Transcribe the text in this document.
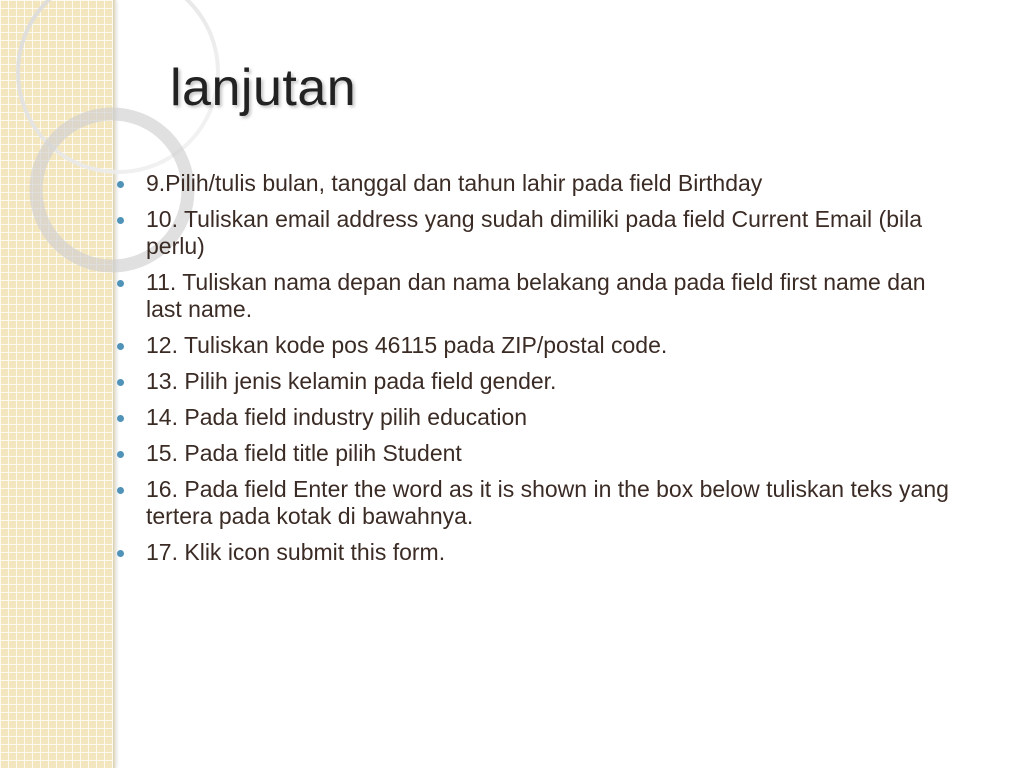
lanjutan
9.Pilih/tulis bulan, tanggal dan tahun lahir pada field Birthday
10. Tuliskan email address yang sudah dimiliki pada field Current Email (bila perlu)
11. Tuliskan nama depan dan nama belakang anda pada field first name dan last name.
12. Tuliskan kode pos 46115 pada ZIP/postal code.
13. Pilih jenis kelamin pada field gender.
14. Pada field industry pilih education
15. Pada field title pilih Student
16. Pada field Enter the word as it is shown in the box below tuliskan teks yang tertera pada kotak di bawahnya.
17. Klik icon submit this form.
